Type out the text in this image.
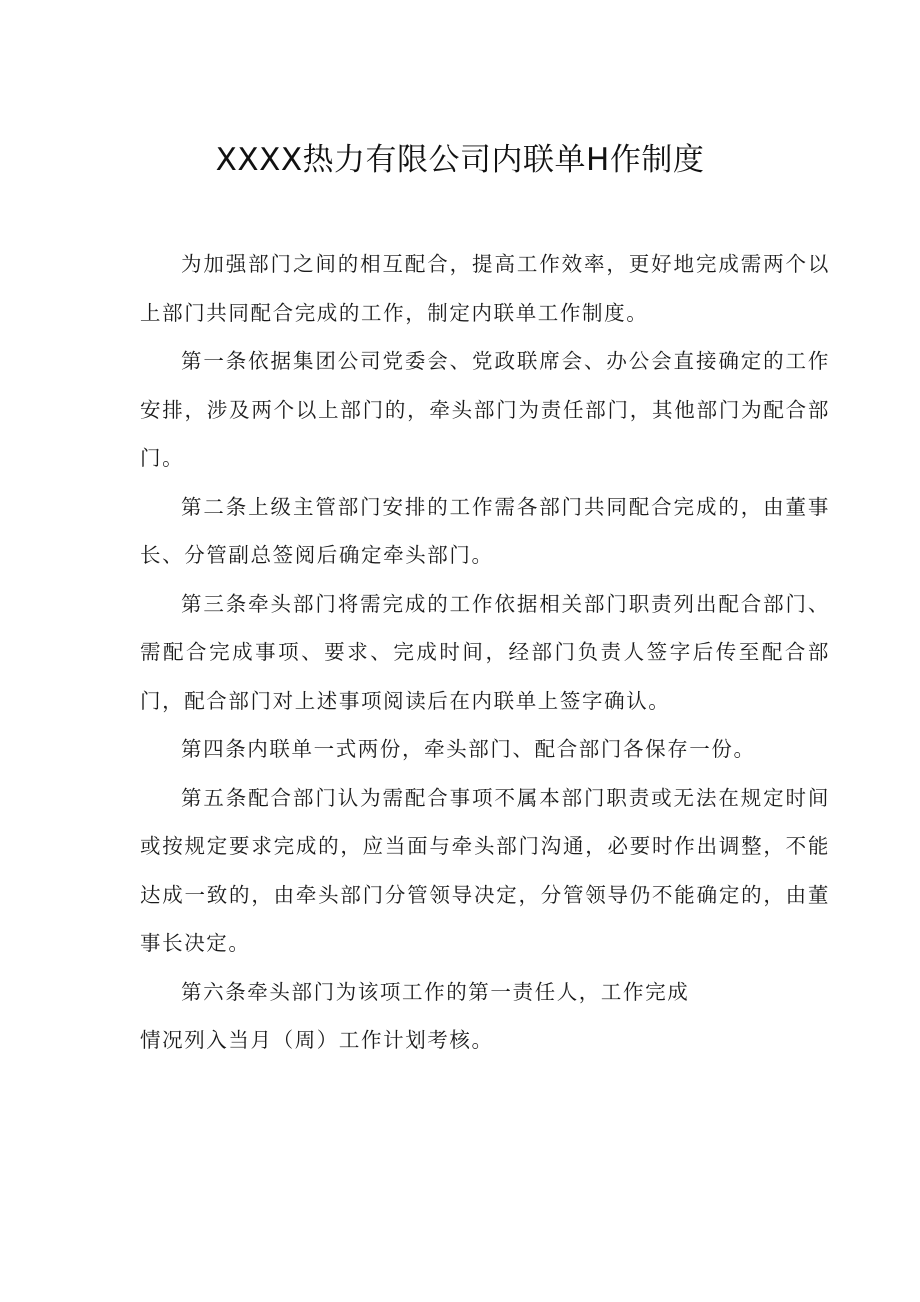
XXXX热力有限公司内联单H作制度

为加强部门之间的相互配合，提高工作效率，更好地完成需两个以上部门共同配合完成的工作，制定内联单工作制度。

第一条依据集团公司党委会、党政联席会、办公会直接确定的工作安排，涉及两个以上部门的，牵头部门为责任部门，其他部门为配合部门。

第二条上级主管部门安排的工作需各部门共同配合完成的，由董事长、分管副总签阅后确定牵头部门。

第三条牵头部门将需完成的工作依据相关部门职责列出配合部门、需配合完成事项、要求、完成时间，经部门负责人签字后传至配合部门，配合部门对上述事项阅读后在内联单上签字确认。

第四条内联单一式两份，牵头部门、配合部门各保存一份。

第五条配合部门认为需配合事项不属本部门职责或无法在规定时间或按规定要求完成的，应当面与牵头部门沟通，必要时作出调整，不能达成一致的，由牵头部门分管领导决定，分管领导仍不能确定的，由董事长决定。

第六条牵头部门为该项工作的第一责任人，工作完成

情况列入当月（周）工作计划考核。
